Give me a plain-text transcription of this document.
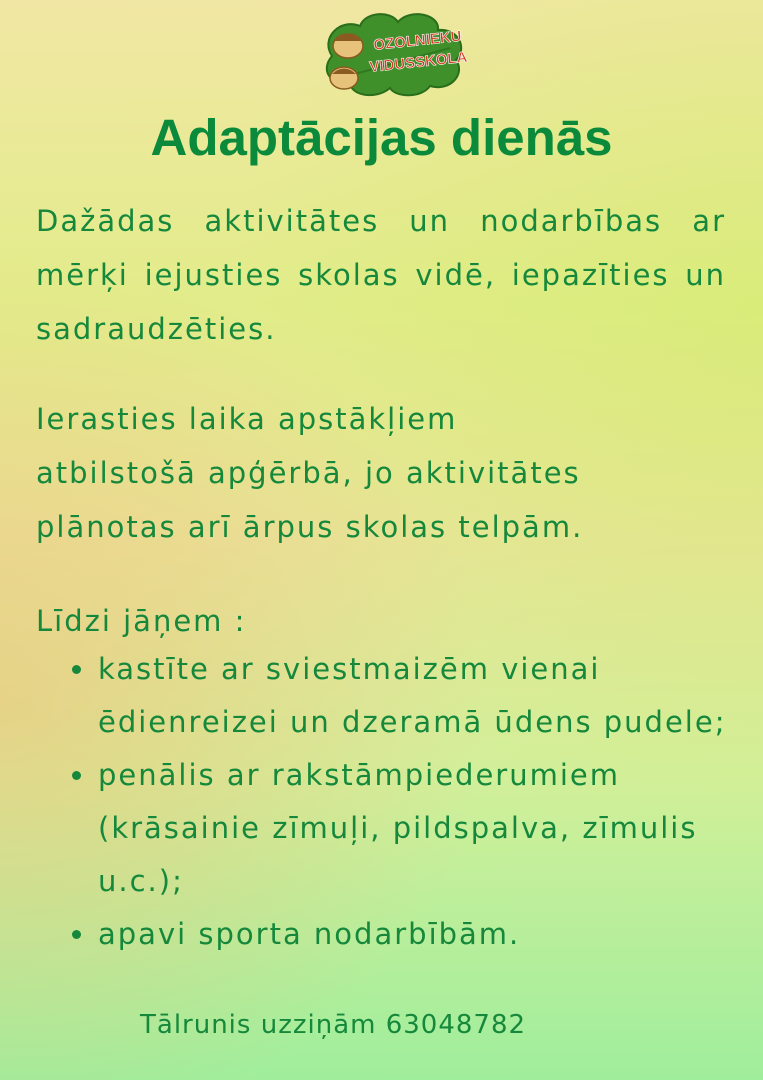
OZOLNIEKU
VIDUSSKOLA
Adaptācijas dienās

Dažādas aktivitātes un nodarbības ar mērķi iejusties skolas vidē, iepazīties un sadraudzēties.

Ierasties laika apstākļiem
atbilstošā apģērbā, jo aktivitātes
plānotas arī ārpus skolas telpām.

Līdzi jāņem :

kastīte ar sviestmaizēm vienai ēdienreizei un dzeramā ūdens pudele;
penālis ar rakstāmpiederumiem (krāsainie zīmuļi, pildspalva, zīmulis u.c.);
apavi sporta nodarbībām.

Tālrunis uzziņām 63048782
